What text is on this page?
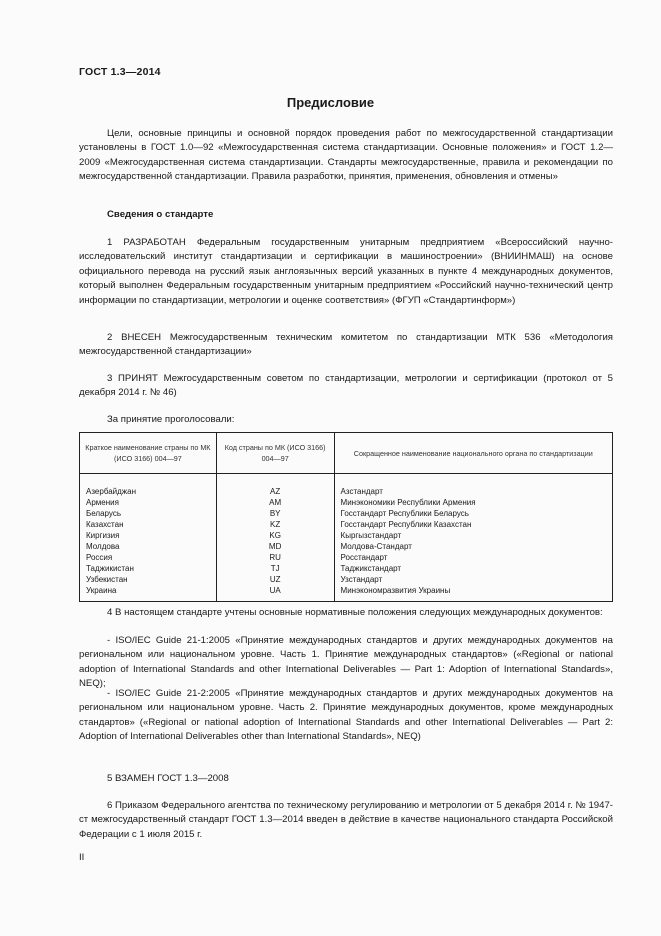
ГОСТ 1.3—2014
Предисловие

Цели, основные принципы и основной порядок проведения работ по межгосударственной стандартизации установлены в ГОСТ 1.0—92 «Межгосударственная система стандартизации. Основные положения» и ГОСТ 1.2—2009 «Межгосударственная система стандартизации. Стандарты межгосударственные, правила и рекомендации по межгосударственной стандартизации. Правила разработки, принятия, применения, обновления и отмены»

Сведения о стандарте

1 РАЗРАБОТАН Федеральным государственным унитарным предприятием «Всероссийский научно-исследовательский институт стандартизации и сертификации в машиностроении» (ВНИИНМАШ) на основе официального перевода на русский язык англоязычных версий указанных в пункте 4 международных документов, который выполнен Федеральным государственным унитарным предприятием «Российский научно-технический центр информации по стандартизации, метрологии и оценке соответствия» (ФГУП «Стандартинформ»)

2 ВНЕСЕН Межгосударственным техническим комитетом по стандартизации МТК 536 «Методология межгосударственной стандартизации»

3 ПРИНЯТ Межгосударственным советом по стандартизации, метрологии и сертификации (протокол от 5 декабря 2014 г. № 46)

За принятие проголосовали:
Краткое наименование страны по МК (ИСО 3166) 004—97	Код страны по МК (ИСО 3166) 004—97	Сокращенное наименование национального органа по стандартизации
Азербайджан	AZ	Азстандарт
Армения	AM	Минэкономики Республики Армения
Беларусь	BY	Госстандарт Республики Беларусь
Казахстан	KZ	Госстандарт Республики Казахстан
Киргизия	KG	Кыргызстандарт
Молдова	MD	Молдова-Стандарт
Россия	RU	Росстандарт
Таджикистан	TJ	Таджикстандарт
Узбекистан	UZ	Узстандарт
Украина	UA	Минэкономразвития Украины

4 В настоящем стандарте учтены основные нормативные положения следующих международных документов:

- ISO/IEC Guide 21-1:2005 «Принятие международных стандартов и других международных документов на региональном или национальном уровне. Часть 1. Принятие международных стандартов» («Regional or national adoption of International Standards and other International Deliverables — Part 1: Adoption of International Standards», NEQ);

- ISO/IEC Guide 21-2:2005 «Принятие международных стандартов и других международных документов на региональном или национальном уровне. Часть 2. Принятие международных документов, кроме международных стандартов» («Regional or national adoption of International Standards and other International Deliverables — Part 2: Adoption of International Deliverables other than International Standards», NEQ)

5 ВЗАМЕН ГОСТ 1.3—2008

6 Приказом Федерального агентства по техническому регулированию и метрологии от 5 декабря 2014 г. № 1947-ст межгосударственный стандарт ГОСТ 1.3—2014 введен в действие в качестве национального стандарта Российской Федерации с 1 июля 2015 г.

II
